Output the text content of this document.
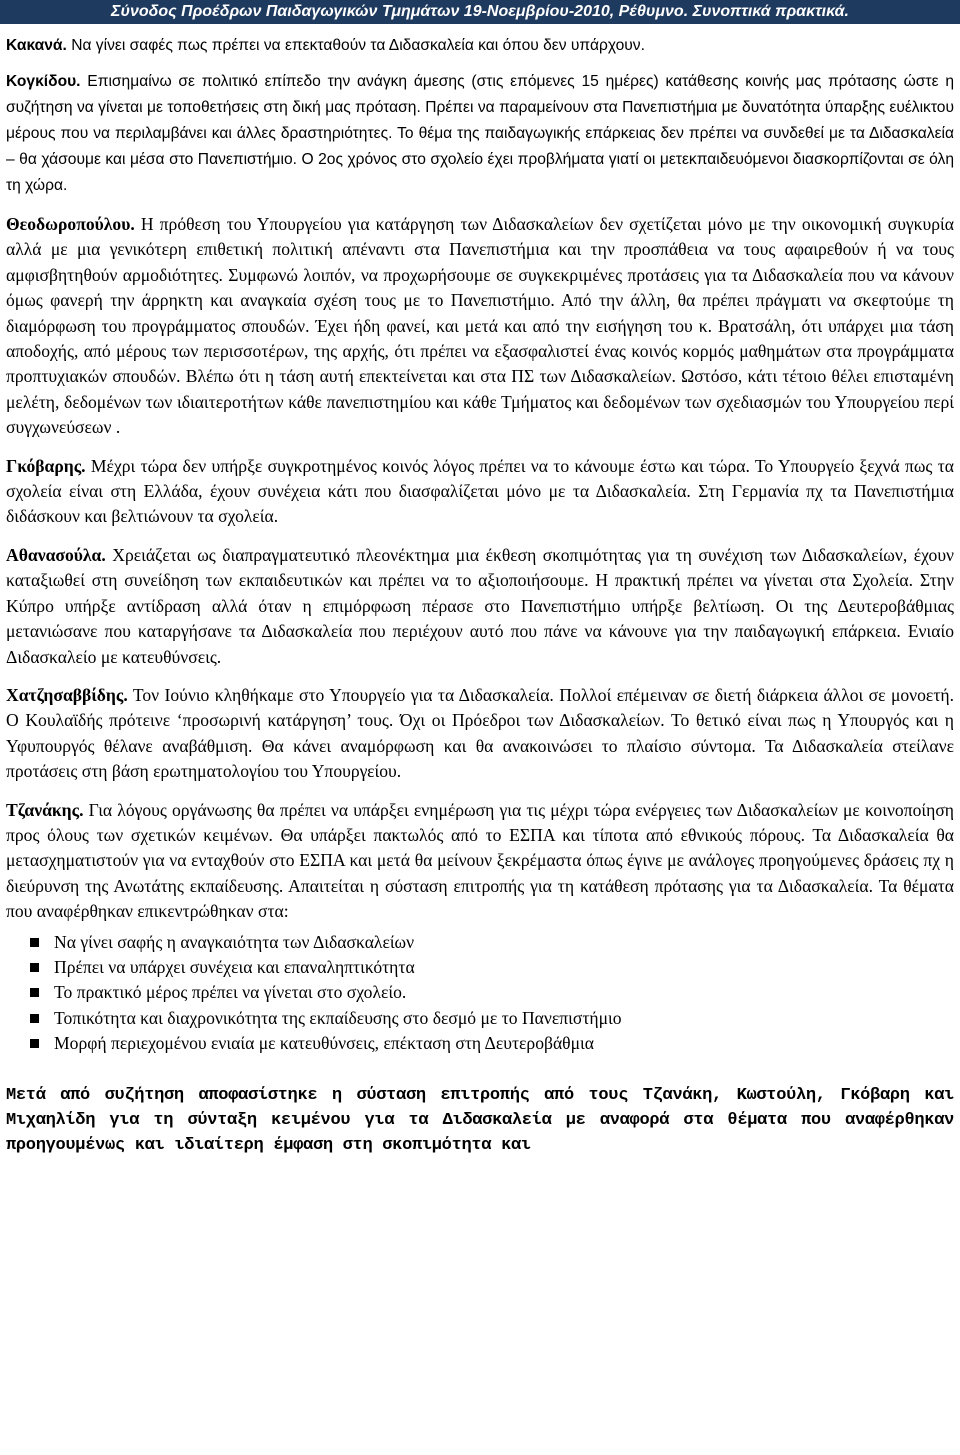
Σύνοδος Προέδρων Παιδαγωγικών Τμημάτων 19-Νοεμβρίου-2010, Ρέθυμνο. Συνοπτικά πρακτικά.

Κακανά. Να γίνει σαφές πως πρέπει να επεκταθούν τα Διδασκαλεία και όπου δεν υπάρχουν.

Κογκίδου. Επισημαίνω σε πολιτικό επίπεδο την ανάγκη άμεσης (στις επόμενες 15 ημέρες) κατάθεσης κοινής μας πρότασης ώστε η συζήτηση να γίνεται με τοποθετήσεις στη δική μας πρόταση. Πρέπει να παραμείνουν στα Πανεπιστήμια με δυνατότητα ύπαρξης ευέλικτου μέρους που να περιλαμβάνει και άλλες δραστηριότητες. Το θέμα της παιδαγωγικής επάρκειας δεν πρέπει να συνδεθεί με τα Διδασκαλεία – θα χάσουμε και μέσα στο Πανεπιστήμιο. Ο 2ος χρόνος στο σχολείο έχει προβλήματα γιατί οι μετεκπαιδευόμενοι διασκορπίζονται σε όλη τη χώρα.

Θεοδωροπούλου. Η πρόθεση του Υπουργείου για κατάργηση των Διδασκαλείων δεν σχετίζεται μόνο με την οικονομική συγκυρία αλλά με μια γενικότερη επιθετική πολιτική απέναντι στα Πανεπιστήμια και την προσπάθεια να τους αφαιρεθούν ή να τους αμφισβητηθούν αρμοδιότητες. Συμφωνώ λοιπόν, να προχωρήσουμε σε συγκεκριμένες προτάσεις για τα Διδασκαλεία που να κάνουν όμως φανερή την άρρηκτη και αναγκαία σχέση τους με το Πανεπιστήμιο. Από την άλλη, θα πρέπει πράγματι να σκεφτούμε τη διαμόρφωση του προγράμματος σπουδών. Έχει ήδη φανεί, και μετά και από την εισήγηση του κ. Βρατσάλη, ότι υπάρχει μια τάση αποδοχής, από μέρους των περισσοτέρων, της αρχής, ότι πρέπει να εξασφαλιστεί ένας κοινός κορμός μαθημάτων στα προγράμματα προπτυχιακών σπουδών. Βλέπω ότι η τάση αυτή επεκτείνεται και στα ΠΣ των Διδασκαλείων. Ωστόσο, κάτι τέτοιο θέλει επισταμένη μελέτη, δεδομένων των ιδιαιτεροτήτων κάθε πανεπιστημίου και κάθε Τμήματος και δεδομένων των σχεδιασμών του Υπουργείου περί συγχωνεύσεων .

Γκόβαρης. Μέχρι τώρα δεν υπήρξε συγκροτημένος κοινός λόγος πρέπει να το κάνουμε έστω και τώρα. Το Υπουργείο ξεχνά πως τα σχολεία είναι στη Ελλάδα, έχουν συνέχεια κάτι που διασφαλίζεται μόνο με τα Διδασκαλεία. Στη Γερμανία πχ τα Πανεπιστήμια διδάσκουν και βελτιώνουν τα σχολεία.

Αθανασούλα. Χρειάζεται ως διαπραγματευτικό πλεονέκτημα μια έκθεση σκοπιμότητας για τη συνέχιση των Διδασκαλείων, έχουν καταξιωθεί στη συνείδηση των εκπαιδευτικών και πρέπει να το αξιοποιήσουμε. Η πρακτική πρέπει να γίνεται στα Σχολεία. Στην Κύπρο υπήρξε αντίδραση αλλά όταν η επιμόρφωση πέρασε στο Πανεπιστήμιο υπήρξε βελτίωση. Οι της Δευτεροβάθμιας μετανιώσανε που καταργήσανε τα Διδασκαλεία που περιέχουν αυτό που πάνε να κάνουνε για την παιδαγωγική επάρκεια. Ενιαίο Διδασκαλείο με κατευθύνσεις.

Χατζησαββίδης. Τον Ιούνιο κληθήκαμε στο Υπουργείο για τα Διδασκαλεία. Πολλοί επέμειναν σε διετή διάρκεια άλλοι σε μονοετή. Ο Κουλαϊδής πρότεινε ‘προσωρινή κατάργηση’ τους. Όχι οι Πρόεδροι των Διδασκαλείων. Το θετικό είναι πως η Υπουργός και η Υφυπουργός θέλανε αναβάθμιση. Θα κάνει αναμόρφωση και θα ανακοινώσει το πλαίσιο σύντομα. Τα Διδασκαλεία στείλανε προτάσεις στη βάση ερωτηματολογίου του Υπουργείου.

Τζανάκης. Για λόγους οργάνωσης θα πρέπει να υπάρξει ενημέρωση για τις μέχρι τώρα ενέργειες των Διδασκαλείων με κοινοποίηση προς όλους των σχετικών κειμένων. Θα υπάρξει πακτωλός από το ΕΣΠΑ και τίποτα από εθνικούς πόρους. Τα Διδασκαλεία θα μετασχηματιστούν για να ενταχθούν στο ΕΣΠΑ και μετά θα μείνουν ξεκρέμαστα όπως έγινε με ανάλογες προηγούμενες δράσεις πχ η διεύρυνση της Ανωτάτης εκπαίδευσης. Απαιτείται η σύσταση επιτροπής για τη κατάθεση πρότασης για τα Διδασκαλεία. Τα θέματα που αναφέρθηκαν επικεντρώθηκαν στα:

Να γίνει σαφής η αναγκαιότητα των Διδασκαλείων
Πρέπει να υπάρχει συνέχεια και επαναληπτικότητα
Το πρακτικό μέρος πρέπει να γίνεται στο σχολείο.
Τοπικότητα και διαχρονικότητα της εκπαίδευσης στο δεσμό με το Πανεπιστήμιο
Μορφή περιεχομένου ενιαία με κατευθύνσεις, επέκταση στη Δευτεροβάθμια

Μετά από συζήτηση αποφασίστηκε η σύσταση επιτροπής από τους Τζανάκη, Κωστούλη, Γκόβαρη και Μιχαηλίδη για τη σύνταξη κειμένου για τα Διδασκαλεία με αναφορά στα θέματα που αναφέρθηκαν προηγουμένως και ιδιαίτερη έμφαση στη σκοπιμότητα και
